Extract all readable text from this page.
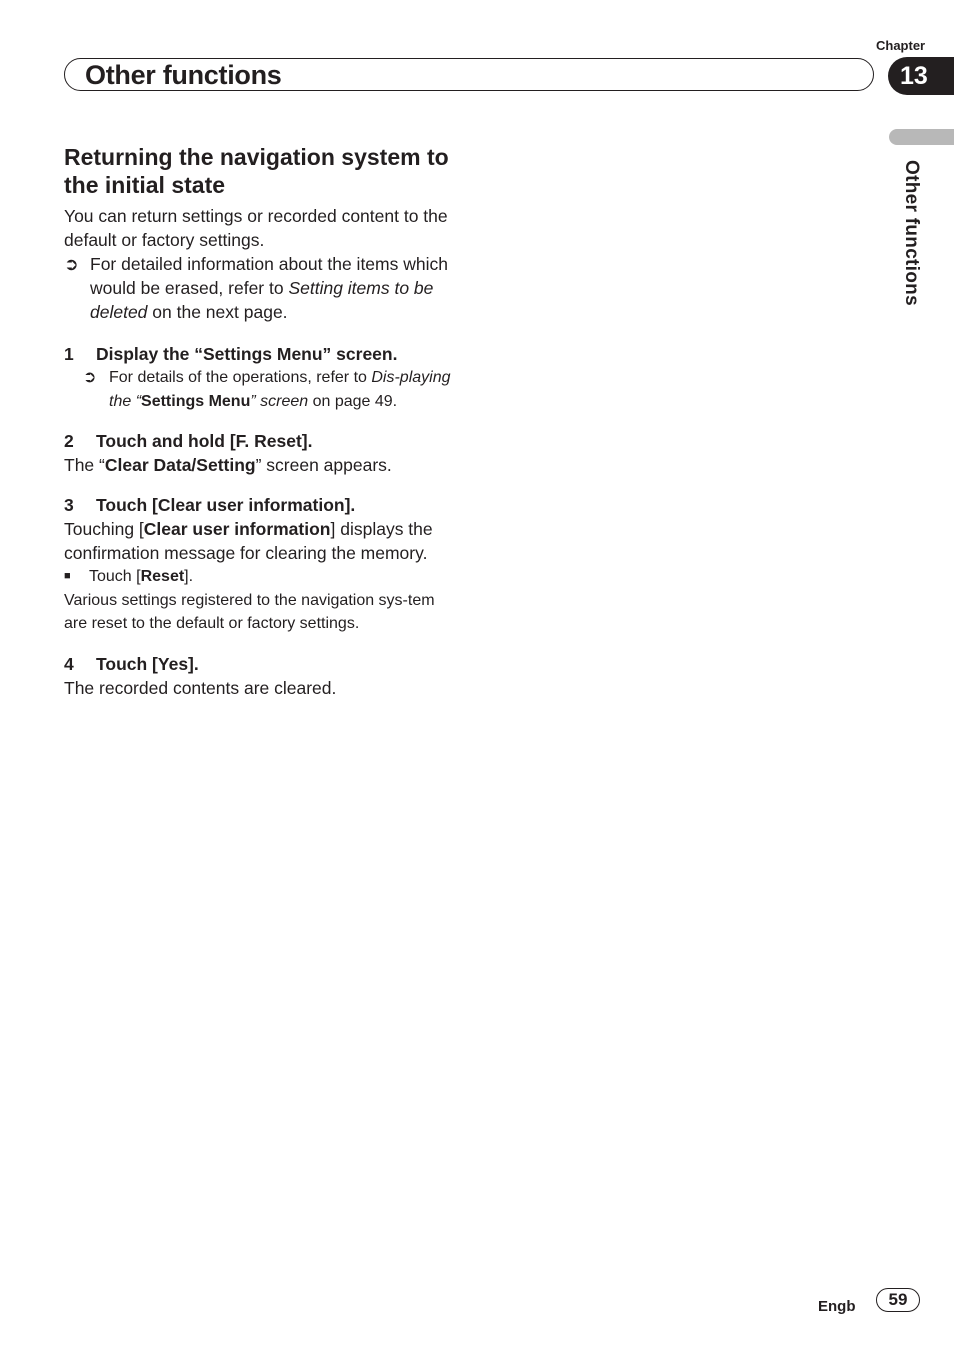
Chapter
Other functions	13
Other functions
Returning the navigation system to the initial state

You can return settings or recorded content to the default or factory settings.

➲ For detailed information about the items which would be erased, refer to Setting items to be deleted on the next page.
1 Display the “Settings Menu” screen.
➲ For details of the operations, refer to Dis-playing the “Settings Menu” screen on page 49.
2 Touch and hold [F. Reset].

The “Clear Data/Setting” screen appears.

3 Touch [Clear user information].

Touching [Clear user information] displays the confirmation message for clearing the memory.

■	Touch [Reset].

Various settings registered to the navigation sys-tem are reset to the default or factory settings.

4 Touch [Yes].

The recorded contents are cleared.

Engb	59
